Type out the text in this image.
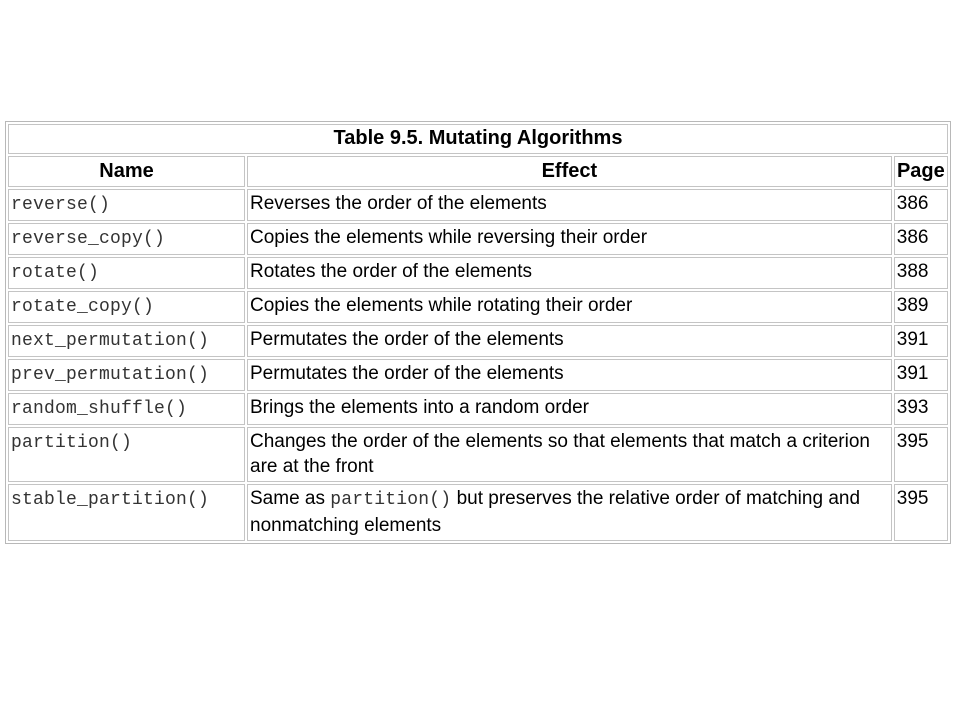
Table 9.5. Mutating Algorithms		
Name	Effect	Page
reverse()	Reverses the order of the elements	386
reverse_copy()	Copies the elements while reversing their order	386
rotate()	Rotates the order of the elements	388
rotate_copy()	Copies the elements while rotating their order	389
next_permutation()	Permutates the order of the elements	391
prev_permutation()	Permutates the order of the elements	391
random_shuffle()	Brings the elements into a random order	393
partition()	Changes the order of the elements so that elements that match a criterion are at the front	395
stable_partition()	Same as partition() but preserves the relative order of matching and nonmatching elements	395
